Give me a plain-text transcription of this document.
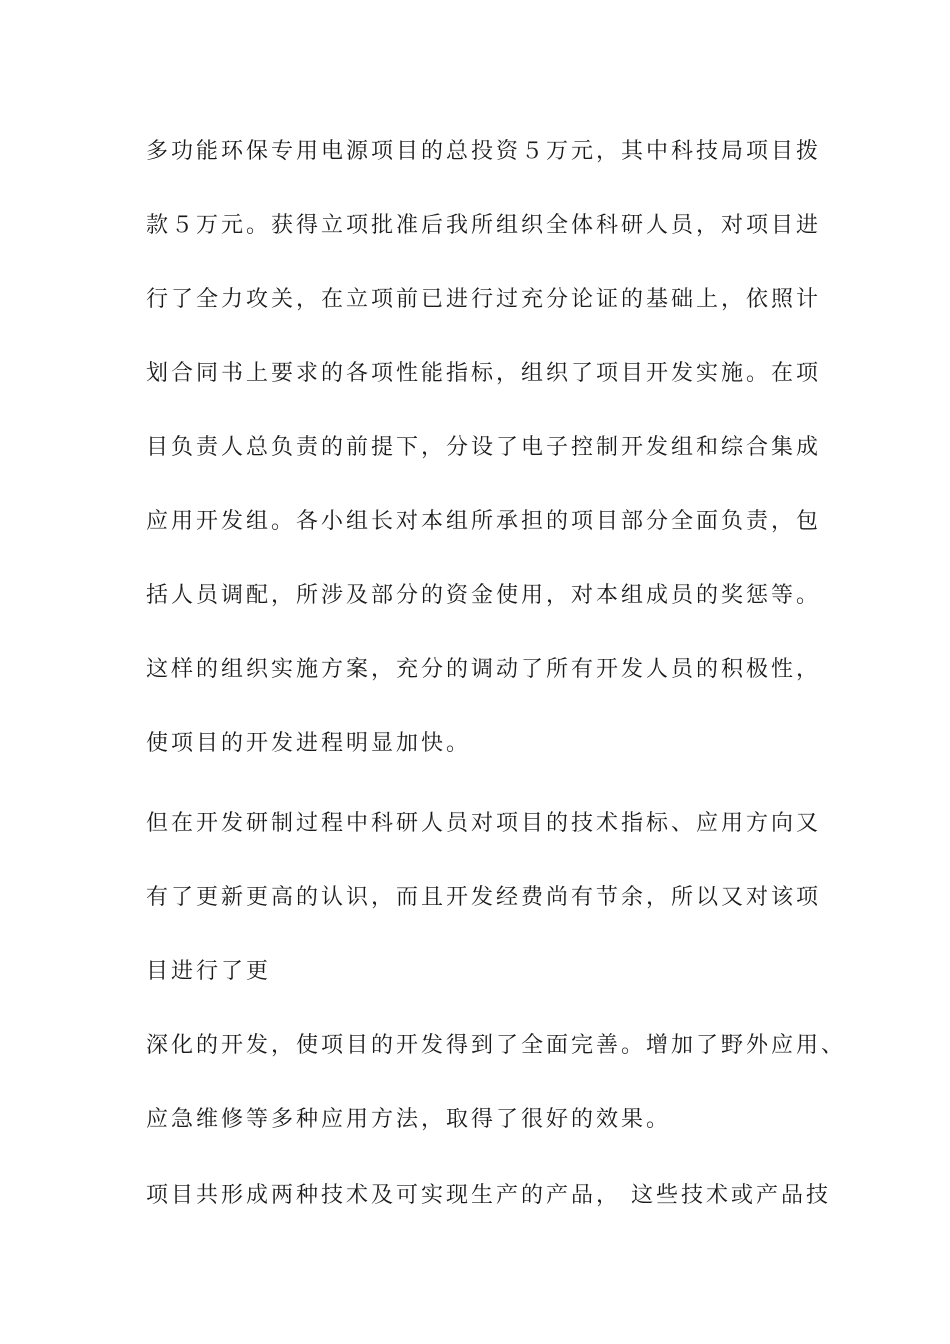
多功能环保专用电源项目的总投资５万元，其中科技局项目拨
款５万元。获得立项批准后我所组织全体科研人员，对项目进
行了全力攻关，在立项前已进行过充分论证的基础上，依照计
划合同书上要求的各项性能指标，组织了项目开发实施。在项
目负责人总负责的前提下，分设了电子控制开发组和综合集成
应用开发组。各小组长对本组所承担的项目部分全面负责，包
括人员调配，所涉及部分的资金使用，对本组成员的奖惩等。
这样的组织实施方案，充分的调动了所有开发人员的积极性，
使项目的开发进程明显加快。
但在开发研制过程中科研人员对项目的技术指标、应用方向又
有了更新更高的认识，而且开发经费尚有节余，所以又对该项
目进行了更
深化的开发，使项目的开发得到了全面完善。增加了野外应用、
应急维修等多种应用方法，取得了很好的效果。
项目共形成两种技术及可实现生产的产品， 这些技术或产品技
